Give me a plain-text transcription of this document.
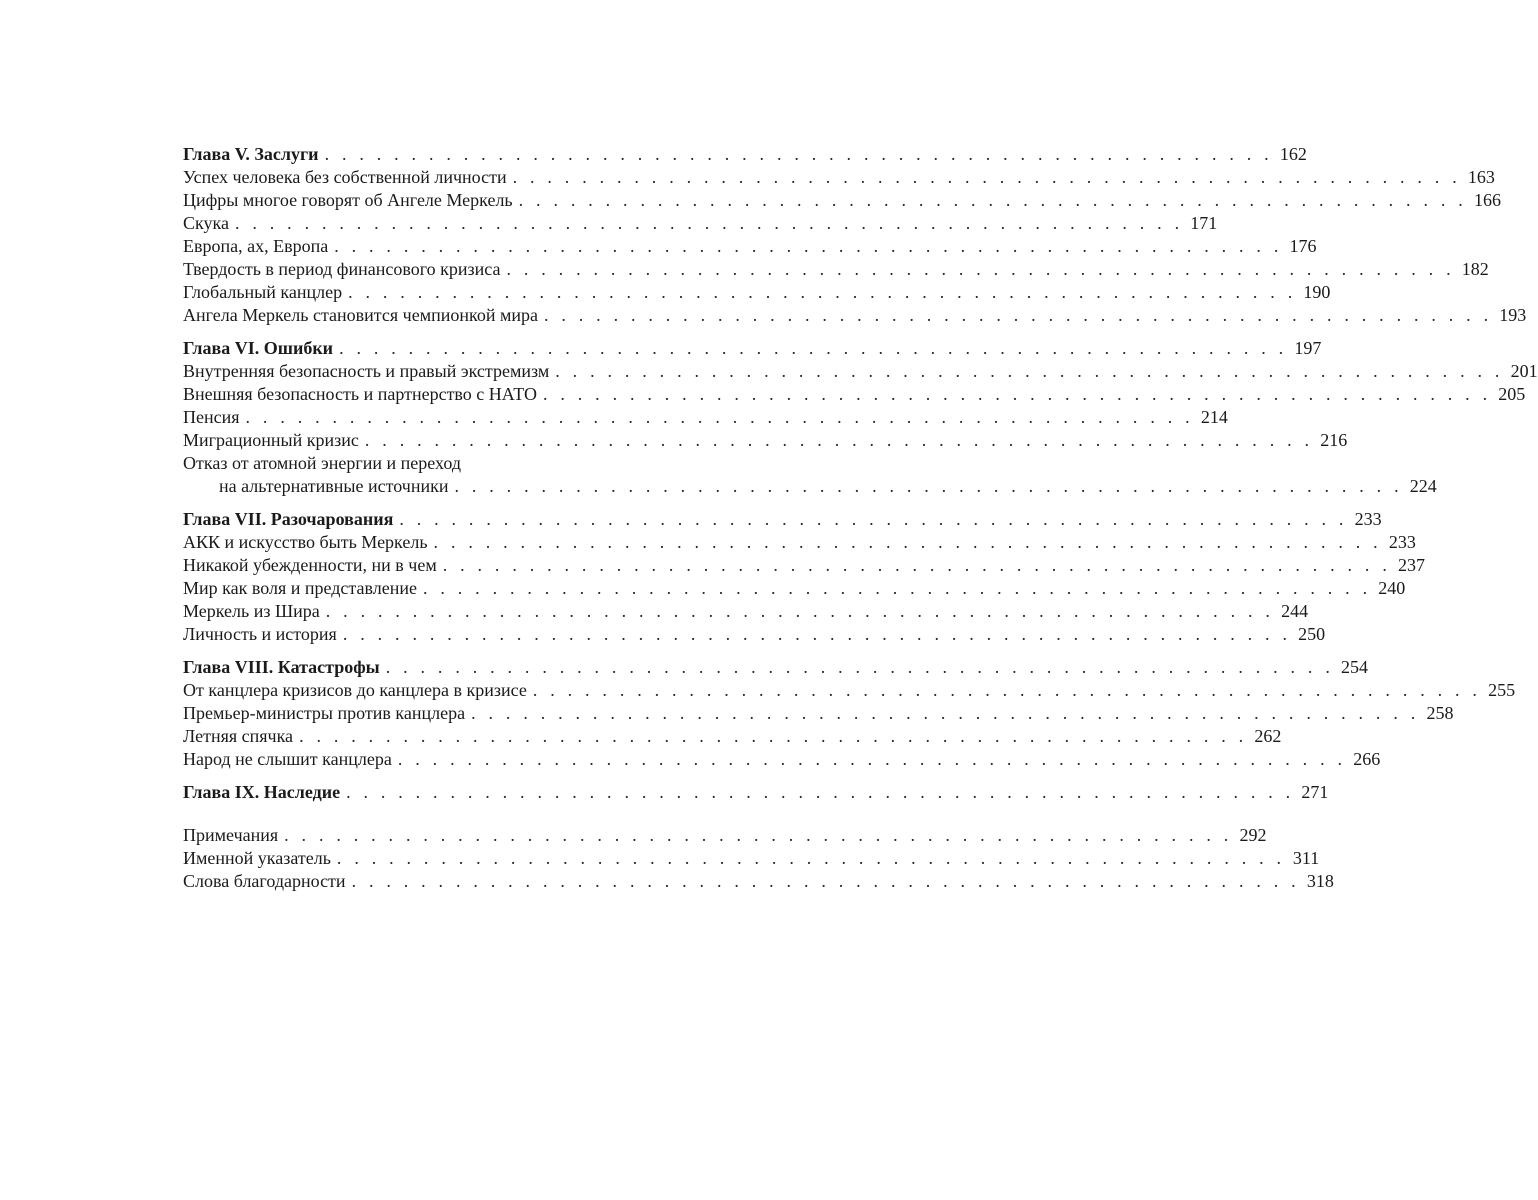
Глава V. Заслуги . . . . . . . . . . . . . . . . . . . . . . . . . . . . . . . . . . . . . . . . . . . . . . . . . . . . . . . 162
Успех человека без собственной личности . . . . . . . . . . . . . . . . . . . . . . . . . . . . . . . . . . . . . . . . . . . . . . . . . . . . . . . 163
Цифры многое говорят об Ангеле Меркель . . . . . . . . . . . . . . . . . . . . . . . . . . . . . . . . . . . . . . . . . . . . . . . . . . . . . . . 166
Скука . . . . . . . . . . . . . . . . . . . . . . . . . . . . . . . . . . . . . . . . . . . . . . . . . . . . . . . 171
Европа, ах, Европа . . . . . . . . . . . . . . . . . . . . . . . . . . . . . . . . . . . . . . . . . . . . . . . . . . . . . . . 176
Твердость в период финансового кризиса . . . . . . . . . . . . . . . . . . . . . . . . . . . . . . . . . . . . . . . . . . . . . . . . . . . . . . . 182
Глобальный канцлер . . . . . . . . . . . . . . . . . . . . . . . . . . . . . . . . . . . . . . . . . . . . . . . . . . . . . . . 190
Ангела Меркель становится чемпионкой мира . . . . . . . . . . . . . . . . . . . . . . . . . . . . . . . . . . . . . . . . . . . . . . . . . . . . . . . 193
Глава VI. Ошибки . . . . . . . . . . . . . . . . . . . . . . . . . . . . . . . . . . . . . . . . . . . . . . . . . . . . . . . 197
Внутренняя безопасность и правый экстремизм . . . . . . . . . . . . . . . . . . . . . . . . . . . . . . . . . . . . . . . . . . . . . . . . . . . . . . . 201
Внешняя безопасность и партнерство с НАТО . . . . . . . . . . . . . . . . . . . . . . . . . . . . . . . . . . . . . . . . . . . . . . . . . . . . . . . 205
Пенсия . . . . . . . . . . . . . . . . . . . . . . . . . . . . . . . . . . . . . . . . . . . . . . . . . . . . . . . 214
Миграционный кризис . . . . . . . . . . . . . . . . . . . . . . . . . . . . . . . . . . . . . . . . . . . . . . . . . . . . . . . 216
Отказ от атомной энергии и переход
на альтернативные источники . . . . . . . . . . . . . . . . . . . . . . . . . . . . . . . . . . . . . . . . . . . . . . . . . . . . . . . 224
Глава VII. Разочарования . . . . . . . . . . . . . . . . . . . . . . . . . . . . . . . . . . . . . . . . . . . . . . . . . . . . . . . 233
АКК и искусство быть Меркель . . . . . . . . . . . . . . . . . . . . . . . . . . . . . . . . . . . . . . . . . . . . . . . . . . . . . . . 233
Никакой убежденности, ни в чем . . . . . . . . . . . . . . . . . . . . . . . . . . . . . . . . . . . . . . . . . . . . . . . . . . . . . . . 237
Мир как воля и представление . . . . . . . . . . . . . . . . . . . . . . . . . . . . . . . . . . . . . . . . . . . . . . . . . . . . . . . 240
Меркель из Шира . . . . . . . . . . . . . . . . . . . . . . . . . . . . . . . . . . . . . . . . . . . . . . . . . . . . . . . 244
Личность и история . . . . . . . . . . . . . . . . . . . . . . . . . . . . . . . . . . . . . . . . . . . . . . . . . . . . . . . 250
Глава VIII. Катастрофы . . . . . . . . . . . . . . . . . . . . . . . . . . . . . . . . . . . . . . . . . . . . . . . . . . . . . . . 254
От канцлера кризисов до канцлера в кризисе . . . . . . . . . . . . . . . . . . . . . . . . . . . . . . . . . . . . . . . . . . . . . . . . . . . . . . . 255
Премьер-министры против канцлера . . . . . . . . . . . . . . . . . . . . . . . . . . . . . . . . . . . . . . . . . . . . . . . . . . . . . . . 258
Летняя спячка . . . . . . . . . . . . . . . . . . . . . . . . . . . . . . . . . . . . . . . . . . . . . . . . . . . . . . . 262
Народ не слышит канцлера . . . . . . . . . . . . . . . . . . . . . . . . . . . . . . . . . . . . . . . . . . . . . . . . . . . . . . . 266
Глава IX. Наследие . . . . . . . . . . . . . . . . . . . . . . . . . . . . . . . . . . . . . . . . . . . . . . . . . . . . . . . 271
Примечания . . . . . . . . . . . . . . . . . . . . . . . . . . . . . . . . . . . . . . . . . . . . . . . . . . . . . . . 292
Именной указатель . . . . . . . . . . . . . . . . . . . . . . . . . . . . . . . . . . . . . . . . . . . . . . . . . . . . . . . 311
Слова благодарности . . . . . . . . . . . . . . . . . . . . . . . . . . . . . . . . . . . . . . . . . . . . . . . . . . . . . . . 318
